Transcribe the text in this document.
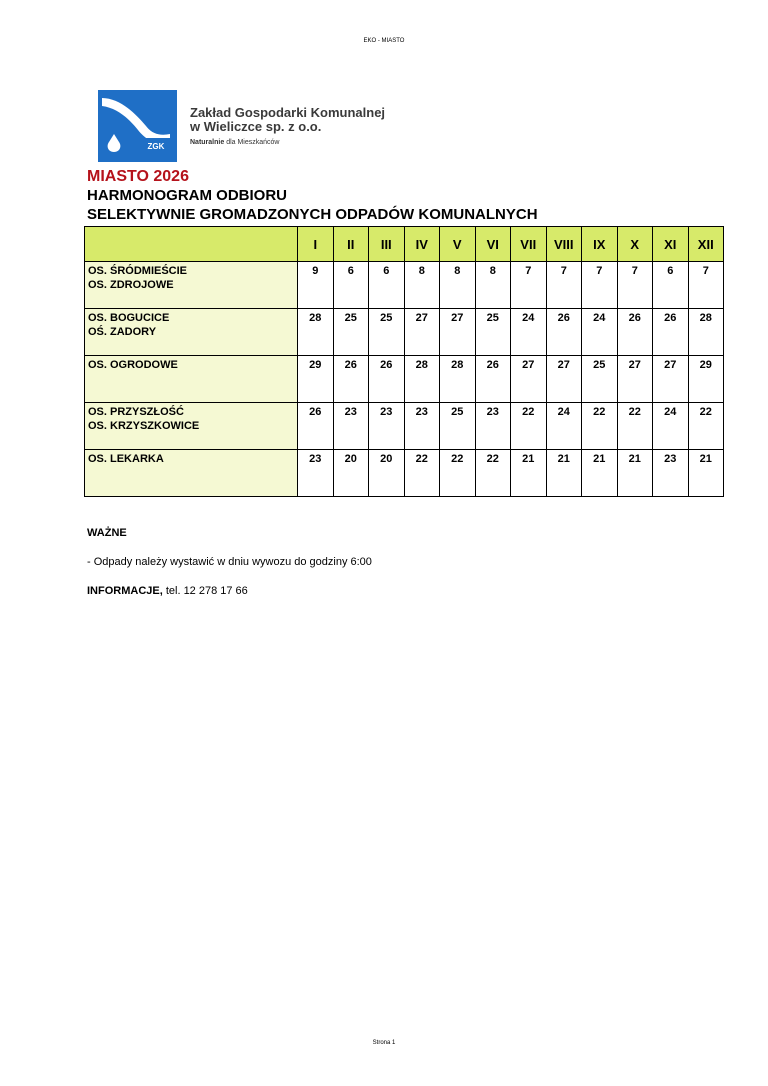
EKO - MIASTO
ZGK
Zakład Gospodarki Komunalnej
w Wieliczce sp. z o.o.
Naturalnie dla Mieszkańców
MIASTO 2026
HARMONOGRAM ODBIORU
SELEKTYWNIE GROMADZONYCH ODPADÓW KOMUNALNYCH
	I	II	III	IV	V	VI	VII	VIII	IX	X	XI	XII

OS. ŚRÓDMIEŚCIE
OS. ZDROJOWE	9	6	6	8	8	8	7	7	7	7	6	7

OS. BOGUCICE
OŚ. ZADORY	28	25	25	27	27	25	24	26	24	26	26	28

OS. OGRODOWE	29	26	26	28	28	26	27	27	25	27	27	29

OS. PRZYSZŁOŚĆ
OS. KRZYSZKOWICE	26	23	23	23	25	23	22	24	22	22	24	22

OS. LEKARKA	23	20	20	22	22	22	21	21	21	21	23	21
WAŻNE
- Odpady należy wystawić w dniu wywozu do godziny 6:00
INFORMACJE, tel. 12 278 17 66
Strona 1
